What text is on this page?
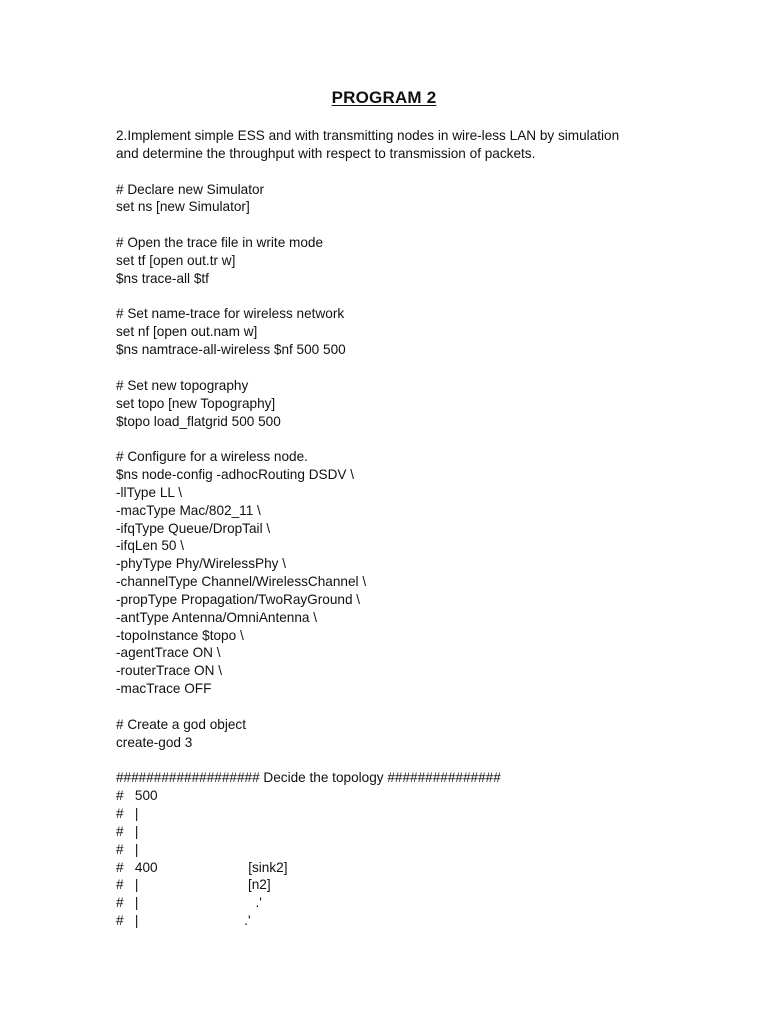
PROGRAM 2
2.Implement simple ESS and with transmitting nodes in wire-less LAN by simulation
and determine the throughput with respect to transmission of packets.
# Declare new Simulator
set ns [new Simulator]
# Open the trace file in write mode
set tf [open out.tr w]
$ns trace-all $tf
# Set name-trace for wireless network
set nf [open out.nam w]
$ns namtrace-all-wireless $nf 500 500
# Set new topography
set topo [new Topography]
$topo load_flatgrid 500 500
# Configure for a wireless node.
$ns node-config -adhocRouting DSDV \
-llType LL \
-macType Mac/802_11 \
-ifqType Queue/DropTail \
-ifqLen 50 \
-phyType Phy/WirelessPhy \
-channelType Channel/WirelessChannel \
-propType Propagation/TwoRayGround \
-antType Antenna/OmniAntenna \
-topoInstance $topo \
-agentTrace ON \
-routerTrace ON \
-macTrace OFF
# Create a god object
create-god 3
################### Decide the topology ###############
#   500
#   |
#   |
#   |
#   400                        [sink2]
#   |                             [n2]
#   |                               .'
#   |                            .'
